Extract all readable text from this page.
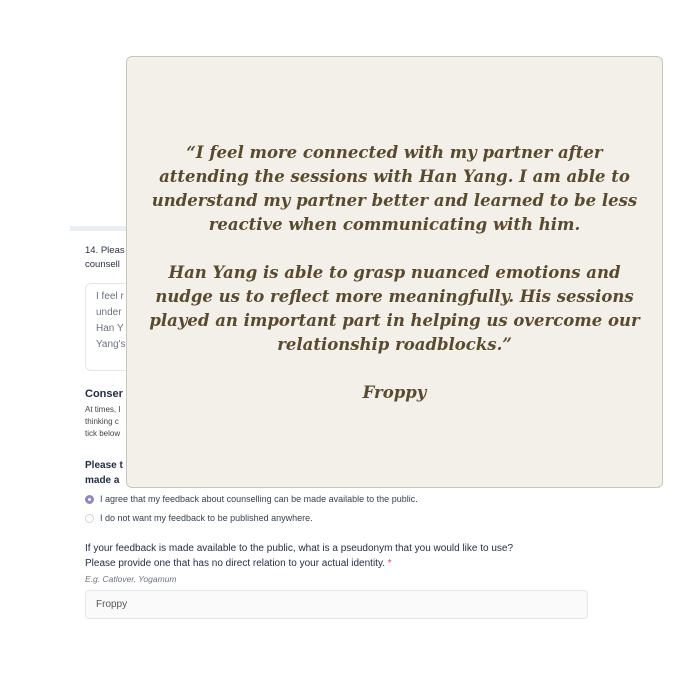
14. Pleas
counsell
I feel r
under
Han Y
Yang's
Conser
At times, I
thinking c
tick below
Please t
made a
I agree that my feedback about counselling can be made available to the public.
I do not want my feedback to be published anywhere.
If your feedback is made available to the public, what is a pseudonym that you would like to use?
Please provide one that has no direct relation to your actual identity. *
E.g. Catlover, Yogamum
Froppy

“I feel more connected with my partner after attending the sessions with Han Yang. I am able to understand my partner better and learned to be less reactive when communicating with him.

Han Yang is able to grasp nuanced emotions and nudge us to reflect more meaningfully. His sessions played an important part in helping us overcome our relationship roadblocks.”

Froppy
